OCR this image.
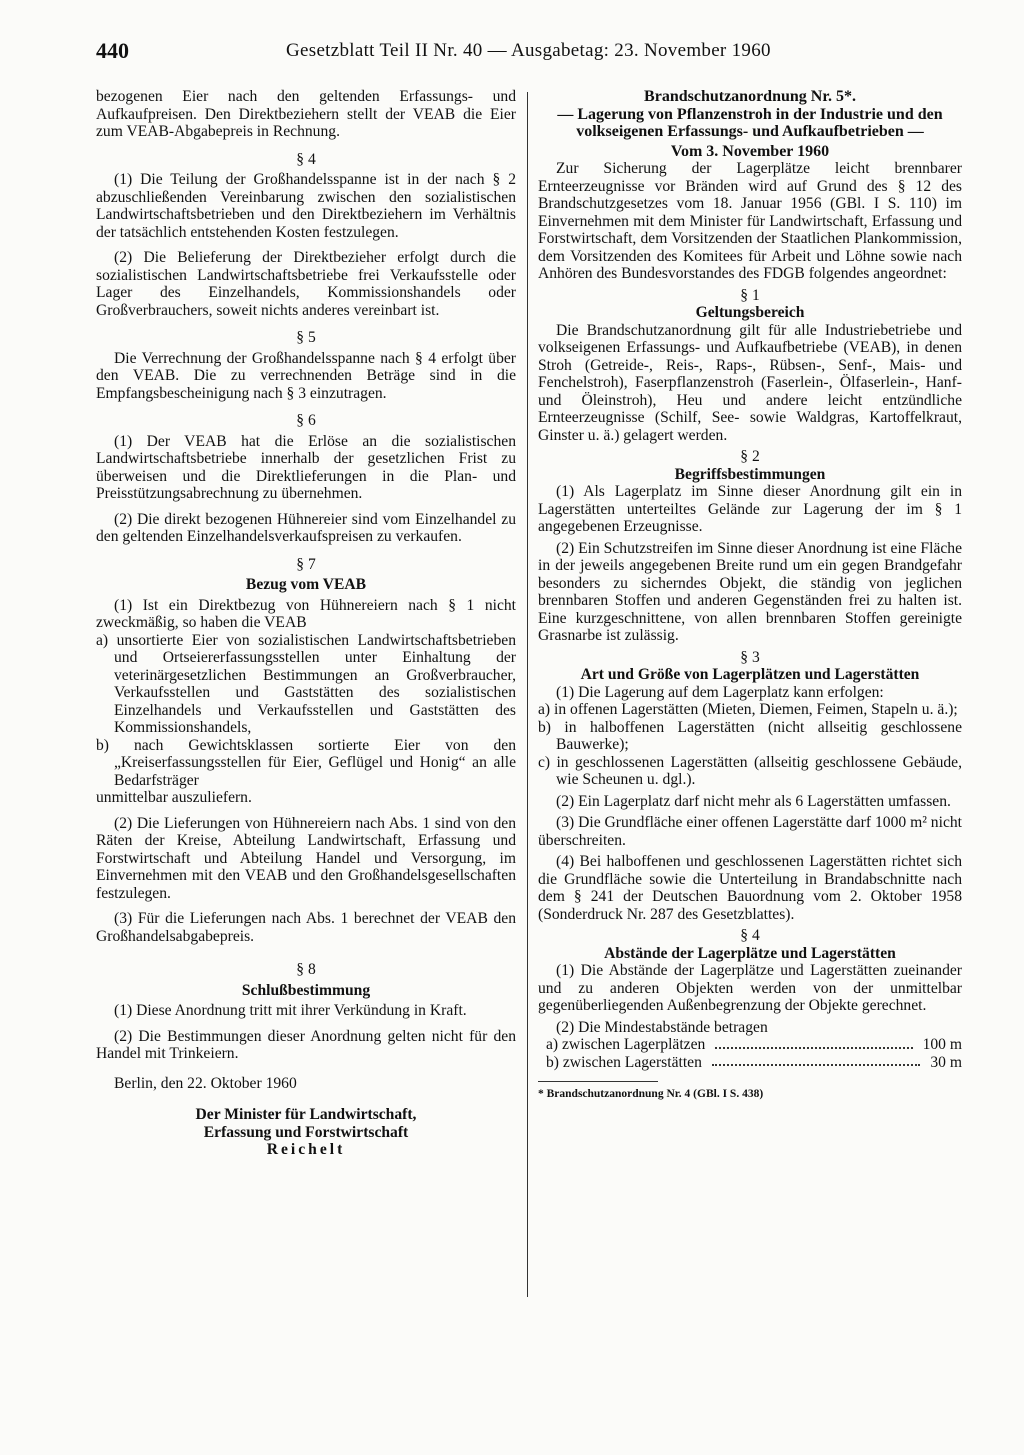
440	Gesetzblatt Teil II Nr. 40 — Ausgabetag: 23. November 1960

bezogenen Eier nach den geltenden Erfassungs- und Aufkaufpreisen. Den Direktbeziehern stellt der VEAB die Eier zum VEAB-Abgabepreis in Rechnung.

§ 4

(1) Die Teilung der Großhandelsspanne ist in der nach § 2 abzuschließenden Vereinbarung zwischen den sozialistischen Landwirtschaftsbetrieben und den Direktbeziehern im Verhältnis der tatsächlich entstehenden Kosten festzulegen.

(2) Die Belieferung der Direktbezieher erfolgt durch die sozialistischen Landwirtschaftsbetriebe frei Verkaufsstelle oder Lager des Einzelhandels, Kommissionshandels oder Großverbrauchers, soweit nichts anderes vereinbart ist.

§ 5

Die Verrechnung der Großhandelsspanne nach § 4 erfolgt über den VEAB. Die zu verrechnenden Beträge sind in die Empfangsbescheinigung nach § 3 einzutragen.

§ 6

(1) Der VEAB hat die Erlöse an die sozialistischen Landwirtschaftsbetriebe innerhalb der gesetzlichen Frist zu überweisen und die Direktlieferungen in die Plan- und Preisstützungsabrechnung zu übernehmen.

(2) Die direkt bezogenen Hühnereier sind vom Einzelhandel zu den geltenden Einzelhandelsverkaufspreisen zu verkaufen.

§ 7
Bezug vom VEAB

(1) Ist ein Direktbezug von Hühnereiern nach § 1 nicht zweckmäßig, so haben die VEAB

a) unsortierte Eier von sozialistischen Landwirtschaftsbetrieben und Ortseiererfassungsstellen unter Einhaltung der veterinärgesetzlichen Bestimmungen an Großverbraucher, Verkaufsstellen und Gaststätten des sozialistischen Einzelhandels und Verkaufsstellen und Gaststätten des Kommissionshandels,

b) nach Gewichtsklassen sortierte Eier von den „Kreiserfassungsstellen für Eier, Geflügel und Honig“ an alle Bedarfsträger

unmittelbar auszuliefern.

(2) Die Lieferungen von Hühnereiern nach Abs. 1 sind von den Räten der Kreise, Abteilung Landwirtschaft, Erfassung und Forstwirtschaft und Abteilung Handel und Versorgung, im Einvernehmen mit den VEAB und den Großhandelsgesellschaften festzulegen.

(3) Für die Lieferungen nach Abs. 1 berechnet der VEAB den Großhandelsabgabepreis.

§ 8
Schlußbestimmung

(1) Diese Anordnung tritt mit ihrer Verkündung in Kraft.

(2) Die Bestimmungen dieser Anordnung gelten nicht für den Handel mit Trinkeiern.

Berlin, den 22. Oktober 1960

Der Minister für Landwirtschaft,
Erfassung und Forstwirtschaft
Reichelt
Brandschutzanordnung Nr. 5*.
— Lagerung von Pflanzenstroh in der Industrie und den volkseigenen Erfassungs- und Aufkaufbetrieben —
Vom 3. November 1960

Zur Sicherung der Lagerplätze leicht brennbarer Ernteerzeugnisse vor Bränden wird auf Grund des § 12 des Brandschutzgesetzes vom 18. Januar 1956 (GBl. I S. 110) im Einvernehmen mit dem Minister für Landwirtschaft, Erfassung und Forstwirtschaft, dem Vorsitzenden der Staatlichen Plankommission, dem Vorsitzenden des Komitees für Arbeit und Löhne sowie nach Anhören des Bundesvorstandes des FDGB folgendes angeordnet:

§ 1
Geltungsbereich

Die Brandschutzanordnung gilt für alle Industriebetriebe und volkseigenen Erfassungs- und Aufkaufbetriebe (VEAB), in denen Stroh (Getreide-, Reis-, Raps-, Rübsen-, Senf-, Mais- und Fenchelstroh), Faserpflanzenstroh (Faserlein-, Ölfaserlein-, Hanf- und Öleinstroh), Heu und andere leicht entzündliche Ernteerzeugnisse (Schilf, See- sowie Waldgras, Kartoffelkraut, Ginster u. ä.) gelagert werden.

§ 2
Begriffsbestimmungen

(1) Als Lagerplatz im Sinne dieser Anordnung gilt ein in Lagerstätten unterteiltes Gelände zur Lagerung der im § 1 angegebenen Erzeugnisse.

(2) Ein Schutzstreifen im Sinne dieser Anordnung ist eine Fläche in der jeweils angegebenen Breite rund um ein gegen Brandgefahr besonders zu sicherndes Objekt, die ständig von jeglichen brennbaren Stoffen und anderen Gegenständen frei zu halten ist. Eine kurzgeschnittene, von allen brennbaren Stoffen gereinigte Grasnarbe ist zulässig.

§ 3
Art und Größe von Lagerplätzen und Lagerstätten

(1) Die Lagerung auf dem Lagerplatz kann erfolgen:

a) in offenen Lagerstätten (Mieten, Diemen, Feimen, Stapeln u. ä.);

b) in halboffenen Lagerstätten (nicht allseitig geschlossene Bauwerke);

c) in geschlossenen Lagerstätten (allseitig geschlossene Gebäude, wie Scheunen u. dgl.).

(2) Ein Lagerplatz darf nicht mehr als 6 Lagerstätten umfassen.

(3) Die Grundfläche einer offenen Lagerstätte darf 1000 m² nicht überschreiten.

(4) Bei halboffenen und geschlossenen Lagerstätten richtet sich die Grundfläche sowie die Unterteilung in Brandabschnitte nach dem § 241 der Deutschen Bauordnung vom 2. Oktober 1958 (Sonderdruck Nr. 287 des Gesetzblattes).

§ 4
Abstände der Lagerplätze und Lagerstätten

(1) Die Abstände der Lagerplätze und Lagerstätten zueinander und zu anderen Objekten werden von der unmittelbar gegenüberliegenden Außenbegrenzung der Objekte gerechnet.

(2) Die Mindestabstände betragen

a) zwischen Lagerplätzen	100 m
b) zwischen Lagerstätten	30 m
* Brandschutzanordnung Nr. 4 (GBl. I S. 438)
